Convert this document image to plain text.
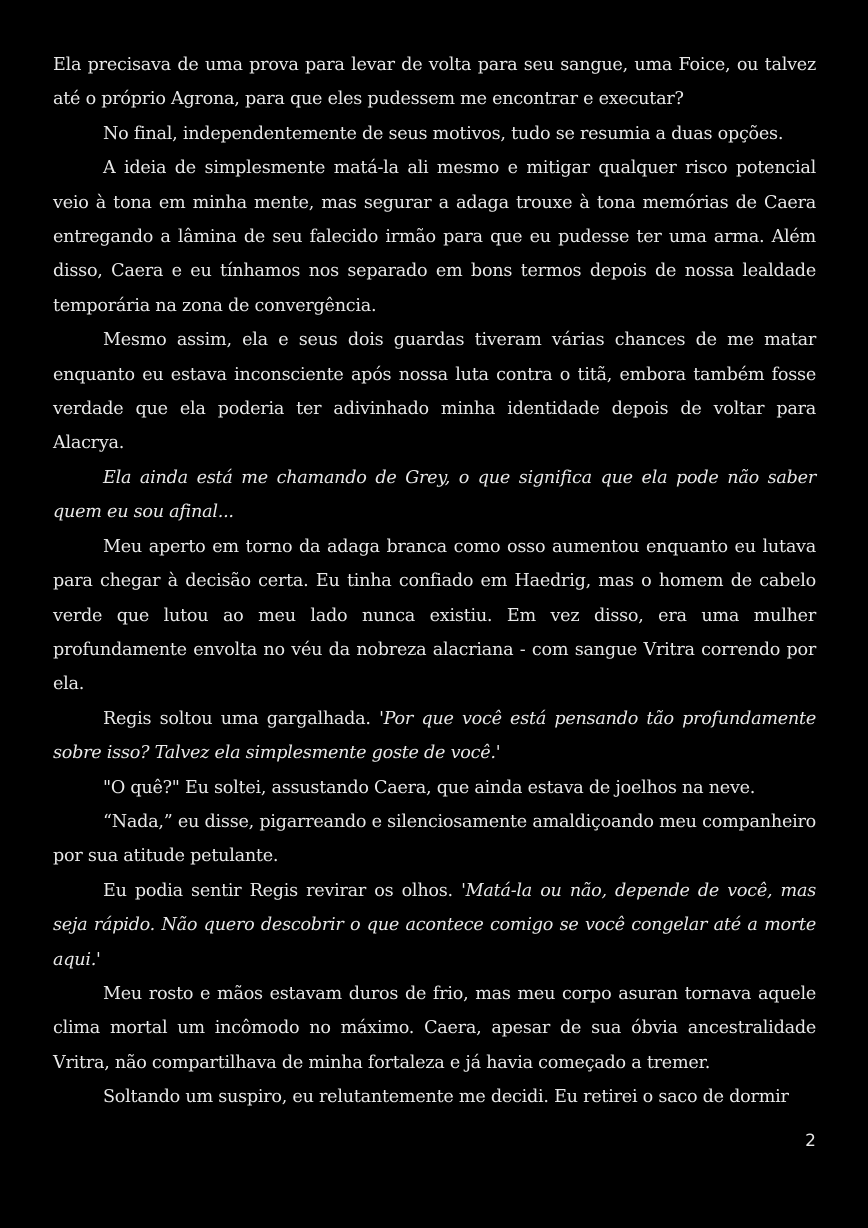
Ela precisava de uma prova para levar de volta para seu sangue, uma Foice, ou talvez até o próprio Agrona, para que eles pudessem me encontrar e executar?

No final, independentemente de seus motivos, tudo se resumia a duas opções.

A ideia de simplesmente matá-la ali mesmo e mitigar qualquer risco potencial veio à tona em minha mente, mas segurar a adaga trouxe à tona memórias de Caera entregando a lâmina de seu falecido irmão para que eu pudesse ter uma arma. Além disso, Caera e eu tínhamos nos separado em bons termos depois de nossa lealdade temporária na zona de convergência.

Mesmo assim, ela e seus dois guardas tiveram várias chances de me matar enquanto eu estava inconsciente após nossa luta contra o titã, embora também fosse verdade que ela poderia ter adivinhado minha identidade depois de voltar para Alacrya.

Ela ainda está me chamando de Grey, o que significa que ela pode não saber quem eu sou afinal...

Meu aperto em torno da adaga branca como osso aumentou enquanto eu lutava para chegar à decisão certa. Eu tinha confiado em Haedrig, mas o homem de cabelo verde que lutou ao meu lado nunca existiu. Em vez disso, era uma mulher profundamente envolta no véu da nobreza alacriana - com sangue Vritra correndo por ela.

Regis soltou uma gargalhada. 'Por que você está pensando tão profundamente sobre isso? Talvez ela simplesmente goste de você.'

"O quê?" Eu soltei, assustando Caera, que ainda estava de joelhos na neve.

“Nada,” eu disse, pigarreando e silenciosamente amaldiçoando meu companheiro por sua atitude petulante.

Eu podia sentir Regis revirar os olhos. 'Matá-la ou não, depende de você, mas seja rápido. Não quero descobrir o que acontece comigo se você congelar até a morte aqui.'

Meu rosto e mãos estavam duros de frio, mas meu corpo asuran tornava aquele clima mortal um incômodo no máximo. Caera, apesar de sua óbvia ancestralidade Vritra, não compartilhava de minha fortaleza e já havia começado a tremer.

Soltando um suspiro, eu relutantemente me decidi. Eu retirei o saco de dormir

2
